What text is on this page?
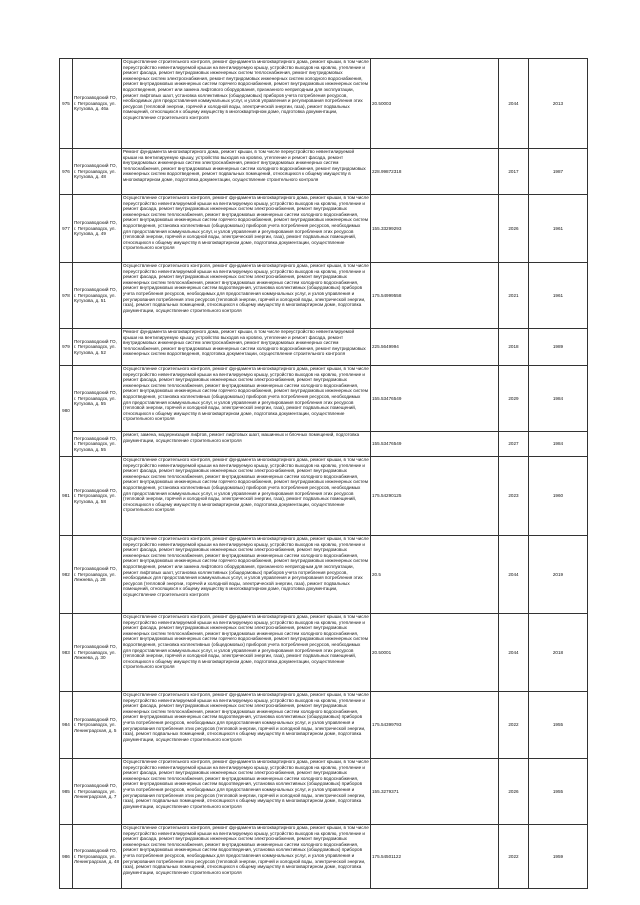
975	Петрозаводский ГО, г. Петрозаводск, ул. Кутузова, д. 46а	Осуществление строительного контроля, ремонт фундамента многоквартирного дома, ремонт крыши, в том числе переустройство невентилируемой крыши на вентилируемую крышу, устройство выходов на кровлю, утепление и ремонт фасада, ремонт внутридомовых инженерных систем теплоснабжения, ремонт внутридомовых инженерных систем электроснабжения, ремонт внутридомовых инженерных систем холодного водоснабжения, ремонт внутридомовых инженерных систем горячего водоснабжения, ремонт внутридомовых инженерных систем водоотведения, ремонт или замена лифтового оборудования, признанного непригодным для эксплуатации, ремонт лифтовых шахт, установка коллективных (общедомовых) приборов учета потребления ресурсов, необходимых для предоставления коммунальных услуг, и узлов управления и регулирования потребления этих ресурсов (тепловой энергии, горячей и холодной воды, электрической энергии, газа), ремонт подвальных помещений, относящихся к общему имуществу в многоквартирном доме, подготовка документации, осуществление строительного контроля	20.50003	2044	2013
976	Петрозаводский ГО, г. Петрозаводск, ул. Кутузова, д. 48	Ремонт фундамента многоквартирного дома, ремонт крыши, в том числе переустройство невентилируемой крыши на вентилируемую крышу, устройство выходов на кровлю, утепление и ремонт фасада, ремонт внутридомовых инженерных систем электроснабжения, ремонт внутридомовых инженерных систем теплоснабжения, ремонт внутридомовых инженерных систем холодного водоснабжения, ремонт внутридомовых инженерных систем водоотведения, ремонт подвальных помещений, относящихся к общему имуществу в многоквартирном доме, подготовка документации, осуществление строительного контроля	228.99872318	2017	1987
977	Петрозаводский ГО, г. Петрозаводск, ул. Кутузова, д. 49	Осуществление строительного контроля, ремонт фундамента многоквартирного дома, ремонт крыши, в том числе переустройство невентилируемой крыши на вентилируемую крышу, устройство выходов на кровлю, утепление и ремонт фасада, ремонт внутридомовых инженерных систем электроснабжения, ремонт внутридомовых инженерных систем теплоснабжения, ремонт внутридомовых инженерных систем холодного водоснабжения, ремонт внутридомовых инженерных систем горячего водоснабжения, ремонт внутридомовых инженерных систем водоотведения, установка коллективных (общедомовых) приборов учета потребления ресурсов, необходимых для предоставления коммунальных услуг, и узлов управления и регулирования потребления этих ресурсов (тепловой энергии, горячей и холодной воды, электрической энергии, газа), ремонт подвальных помещений, относящихся к общему имуществу в многоквартирном доме, подготовка документации, осуществление строительного контроля	155.33299293	2026	1961
978	Петрозаводский ГО, г. Петрозаводск, ул. Кутузова, д. 51	Осуществление строительного контроля, ремонт фундамента многоквартирного дома, ремонт крыши, в том числе переустройство невентилируемой крыши на вентилируемую крышу, устройство выходов на кровлю, утепление и ремонт фасада, ремонт внутридомовых инженерных систем электроснабжения, ремонт внутридомовых инженерных систем теплоснабжения, ремонт внутридомовых инженерных систем холодного водоснабжения, ремонт внутридомовых инженерных систем водоотведения, установка коллективных (общедомовых) приборов учета потребления ресурсов, необходимых для предоставления коммунальных услуг, и узлов управления и регулирования потребления этих ресурсов (тепловой энергии, горячей и холодной воды, электрической энергии, газа), ремонт подвальных помещений, относящихся к общему имуществу в многоквартирном доме, подготовка документации, осуществление строительного контроля	175.54999558	2021	1961
979	Петрозаводский ГО, г. Петрозаводск, ул. Кутузова, д. 52	Ремонт фундамента многоквартирного дома, ремонт крыши, в том числе переустройство невентилируемой крыши на вентилируемую крышу, устройство выходов на кровлю, утепление и ремонт фасада, ремонт внутридомовых инженерных систем электроснабжения, ремонт внутридомовых инженерных систем теплоснабжения, ремонт внутридомовых инженерных систем холодного водоснабжения, ремонт внутридомовых инженерных систем водоотведения, подготовка документации, осуществление строительного контроля	225.5649994	2018	1989
980	Петрозаводский ГО, г. Петрозаводск, ул. Кутузова, д. 55	Осуществление строительного контроля, ремонт фундамента многоквартирного дома, ремонт крыши, в том числе переустройство невентилируемой крыши на вентилируемую крышу, устройство выходов на кровлю, утепление и ремонт фасада, ремонт внутридомовых инженерных систем электроснабжения, ремонт внутридомовых инженерных систем теплоснабжения, ремонт внутридомовых инженерных систем холодного водоснабжения, ремонт внутридомовых инженерных систем горячего водоснабжения, ремонт внутридомовых инженерных систем водоотведения, установка коллективных (общедомовых) приборов учета потребления ресурсов, необходимых для предоставления коммунальных услуг, и узлов управления и регулирования потребления этих ресурсов (тепловой энергии, горячей и холодной воды, электрической энергии, газа), ремонт подвальных помещений, относящихся к общему имуществу в многоквартирном доме, подготовка документации, осуществление строительного контроля	155.53476549	2029	1984
	Петрозаводский ГО, г. Петрозаводск, ул. Кутузова, д. 55	ремонт, замена, модернизация лифтов, ремонт лифтовых шахт, машинных и блочных помещений, подготовка документации, осуществление строительного контроля	155.53476549	2027	1984
981	Петрозаводский ГО, г. Петрозаводск, ул. Кутузова, д. 58	Осуществление строительного контроля, ремонт фундамента многоквартирного дома, ремонт крыши, в том числе переустройство невентилируемой крыши на вентилируемую крышу, устройство выходов на кровлю, утепление и ремонт фасада, ремонт внутридомовых инженерных систем электроснабжения, ремонт внутридомовых инженерных систем теплоснабжения, ремонт внутридомовых инженерных систем холодного водоснабжения, ремонт внутридомовых инженерных систем горячего водоснабжения, ремонт внутридомовых инженерных систем водоотведения, установка коллективных (общедомовых) приборов учета потребления ресурсов, необходимых для предоставления коммунальных услуг, и узлов управления и регулирования потребления этих ресурсов (тепловой энергии, горячей и холодной воды, электрической энергии, газа), ремонт подвальных помещений, относящихся к общему имуществу в многоквартирном доме, подготовка документации, осуществление строительного контроля	175.54290125	2023	1960
982	Петрозаводский ГО, г. Петрозаводск, ул. Лежнева, д. 28	Осуществление строительного контроля, ремонт фундамента многоквартирного дома, ремонт крыши, в том числе переустройство невентилируемой крыши на вентилируемую крышу, устройство выходов на кровлю, утепление и ремонт фасада, ремонт внутридомовых инженерных систем электроснабжения, ремонт внутридомовых инженерных систем теплоснабжения, ремонт внутридомовых инженерных систем холодного водоснабжения, ремонт внутридомовых инженерных систем горячего водоснабжения, ремонт внутридомовых инженерных систем водоотведения, ремонт или замена лифтового оборудования, признанного непригодным для эксплуатации, ремонт лифтовых шахт, установка коллективных (общедомовых) приборов учета потребления ресурсов, необходимых для предоставления коммунальных услуг, и узлов управления и регулирования потребления этих ресурсов (тепловой энергии, горячей и холодной воды, электрической энергии, газа), ремонт подвальных помещений, относящихся к общему имуществу в многоквартирном доме, подготовка документации, осуществление строительного контроля	20.5	2044	2019
983	Петрозаводский ГО, г. Петрозаводск, ул. Лежнева, д. 30	Осуществление строительного контроля, ремонт фундамента многоквартирного дома, ремонт крыши, в том числе переустройство невентилируемой крыши на вентилируемую крышу, устройство выходов на кровлю, утепление и ремонт фасада, ремонт внутридомовых инженерных систем электроснабжения, ремонт внутридомовых инженерных систем теплоснабжения, ремонт внутридомовых инженерных систем холодного водоснабжения, ремонт внутридомовых инженерных систем горячего водоснабжения, ремонт внутридомовых инженерных систем водоотведения, установка коллективных (общедомовых) приборов учета потребления ресурсов, необходимых для предоставления коммунальных услуг, и узлов управления и регулирования потребления этих ресурсов (тепловой энергии, горячей и холодной воды, электрической энергии, газа), ремонт подвальных помещений, относящихся к общему имуществу в многоквартирном доме, подготовка документации, осуществление строительного контроля	20.50001	2044	2018
984	Петрозаводский ГО, г. Петрозаводск, ул. Ленинградская, д. 5	Осуществление строительного контроля, ремонт фундамента многоквартирного дома, ремонт крыши, в том числе переустройство невентилируемой крыши на вентилируемую крышу, устройство выходов на кровлю, утепление и ремонт фасада, ремонт внутридомовых инженерных систем электроснабжения, ремонт внутридомовых инженерных систем теплоснабжения, ремонт внутридомовых инженерных систем холодного водоснабжения, ремонт внутридомовых инженерных систем водоотведения, установка коллективных (общедомовых) приборов учета потребления ресурсов, необходимых для предоставления коммунальных услуг, и узлов управления и регулирования потребления этих ресурсов (тепловой энергии, горячей и холодной воды, электрической энергии, газа), ремонт подвальных помещений, относящихся к общему имуществу в многоквартирном доме, подготовка документации, осуществление строительного контроля	175.54399793	2022	1955
985	Петрозаводский ГО, г. Петрозаводск, ул. Ленинградская, д. 7	Осуществление строительного контроля, ремонт фундамента многоквартирного дома, ремонт крыши, в том числе переустройство невентилируемой крыши на вентилируемую крышу, устройство выходов на кровлю, утепление и ремонт фасада, ремонт внутридомовых инженерных систем электроснабжения, ремонт внутридомовых инженерных систем теплоснабжения, ремонт внутридомовых инженерных систем холодного водоснабжения, ремонт внутридомовых инженерных систем водоотведения, установка коллективных (общедомовых) приборов учета потребления ресурсов, необходимых для предоставления коммунальных услуг, и узлов управления и регулирования потребления этих ресурсов (тепловой энергии, горячей и холодной воды, электрической энергии, газа), ремонт подвальных помещений, относящихся к общему имуществу в многоквартирном доме, подготовка документации, осуществление строительного контроля	155.3279371	2026	1955
986	Петрозаводский ГО, г. Петрозаводск, ул. Ленинградская, д. 48	Осуществление строительного контроля, ремонт фундамента многоквартирного дома, ремонт крыши, в том числе переустройство невентилируемой крыши на вентилируемую крышу, устройство выходов на кровлю, утепление и ремонт фасада, ремонт внутридомовых инженерных систем электроснабжения, ремонт внутридомовых инженерных систем теплоснабжения, ремонт внутридомовых инженерных систем холодного водоснабжения, ремонт внутридомовых инженерных систем водоотведения, установка коллективных (общедомовых) приборов учета потребления ресурсов, необходимых для предоставления коммунальных услуг, и узлов управления и регулирования потребления этих ресурсов (тепловой энергии, горячей и холодной воды, электрической энергии, газа), ремонт подвальных помещений, относящихся к общему имуществу в многоквартирном доме, подготовка документации, осуществление строительного контроля	175.54501122	2022	1959
